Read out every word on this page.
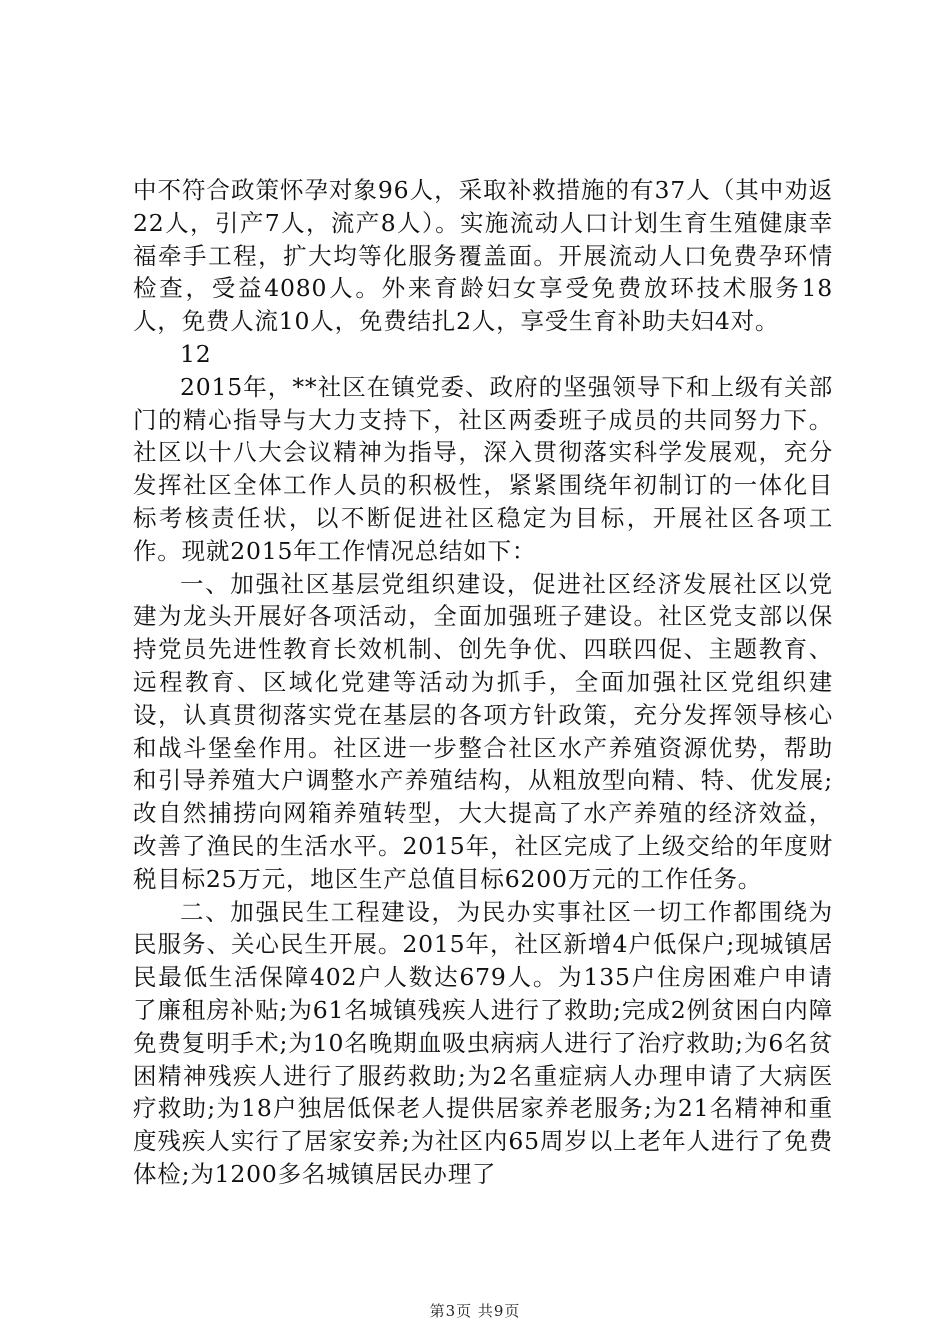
中不符合政策怀孕对象96人，采取补救措施的有37人（其中劝返22人，引产7人，流产8人）。实施流动人口计划生育生殖健康幸福牵手工程，扩大均等化服务覆盖面。开展流动人口免费孕环情检查，受益4080人。外来育龄妇女享受免费放环技术服务18人，免费人流10人，免费结扎2人，享受生育补助夫妇4对。

12

2015年，**社区在镇党委、政府的坚强领导下和上级有关部门的精心指导与大力支持下，社区两委班子成员的共同努力下。社区以十八大会议精神为指导，深入贯彻落实科学发展观，充分发挥社区全体工作人员的积极性，紧紧围绕年初制订的一体化目标考核责任状，以不断促进社区稳定为目标，开展社区各项工作。现就2015年工作情况总结如下：

一、加强社区基层党组织建设，促进社区经济发展社区以党建为龙头开展好各项活动，全面加强班子建设。社区党支部以保持党员先进性教育长效机制、创先争优、四联四促、主题教育、远程教育、区域化党建等活动为抓手，全面加强社区党组织建设，认真贯彻落实党在基层的各项方针政策，充分发挥领导核心和战斗堡垒作用。社区进一步整合社区水产养殖资源优势，帮助和引导养殖大户调整水产养殖结构，从粗放型向精、特、优发展;改自然捕捞向网箱养殖转型，大大提高了水产养殖的经济效益，改善了渔民的生活水平。2015年，社区完成了上级交给的年度财税目标25万元，地区生产总值目标6200万元的工作任务。

二、加强民生工程建设，为民办实事社区一切工作都围绕为民服务、关心民生开展。2015年，社区新增4户低保户;现城镇居民最低生活保障402户人数达679人。为135户住房困难户申请了廉租房补贴;为61名城镇残疾人进行了救助;完成2例贫困白内障免费复明手术;为10名晚期血吸虫病病人进行了治疗救助;为6名贫困精神残疾人进行了服药救助;为2名重症病人办理申请了大病医疗救助;为18户独居低保老人提供居家养老服务;为21名精神和重度残疾人实行了居家安养;为社区内65周岁以上老年人进行了免费体检;为1200多名城镇居民办理了

第3页 共9页
